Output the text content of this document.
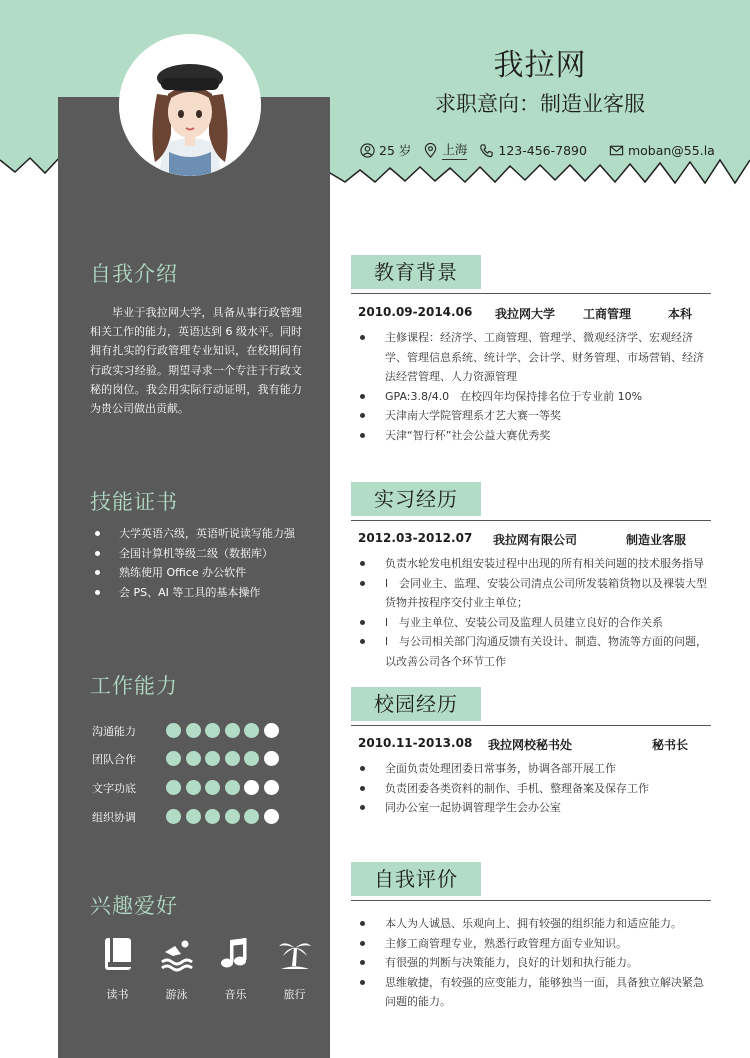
我拉网
求职意向：制造业客服
25 岁 上海 123-456-7890	moban@55.la
自我介绍
毕业于我拉网大学，具备从事行政管理相关工作的能力，英语达到 6 级水平。同时拥有扎实的行政管理专业知识，在校期间有行政实习经验。期望寻求一个专注于行政文秘的岗位。我会用实际行动证明，我有能力为贵公司做出贡献。
技能证书
大学英语六级，英语听说读写能力强
全国计算机等级二级（数据库）
熟练使用 Office 办公软件
会 PS、AI 等工具的基本操作
工作能力
沟通能力
团队合作
文字功底
组织协调
兴趣爱好
读书	游泳	音乐	旅行
教育背景
2010.09-2014.06 我拉网大学 工商管理	本科
主修课程：经济学、工商管理、管理学、微观经济学、宏观经济学、管理信息系统、统计学、会计学、财务管理、市场营销、经济法经营管理、人力资源管理
GPA:3.8/4.0　在校四年均保持排名位于专业前 10%
天津南大学院管理系才艺大赛一等奖
天津“智行杯”社会公益大赛优秀奖
实习经历
2012.03-2012.07 我拉网有限公司	制造业客服
负责水轮发电机组安装过程中出现的所有相关问题的技术服务指导
l　会同业主、监理、安装公司清点公司所发装箱货物以及裸装大型货物并按程序交付业主单位；
l　与业主单位、安装公司及监理人员建立良好的合作关系
l　与公司相关部门沟通反馈有关设计、制造、物流等方面的问题，以改善公司各个环节工作
校园经历
2010.11-2013.08 我拉网校秘书处	秘书长
全面负责处理团委日常事务，协调各部开展工作
负责团委各类资料的制作、手机、整理备案及保存工作
同办公室一起协调管理学生会办公室
自我评价
本人为人诚恳、乐观向上、拥有较强的组织能力和适应能力。
主修工商管理专业，熟悉行政管理方面专业知识。
有很强的判断与决策能力，良好的计划和执行能力。
思维敏捷，有较强的应变能力，能够独当一面，具备独立解决紧急问题的能力。
